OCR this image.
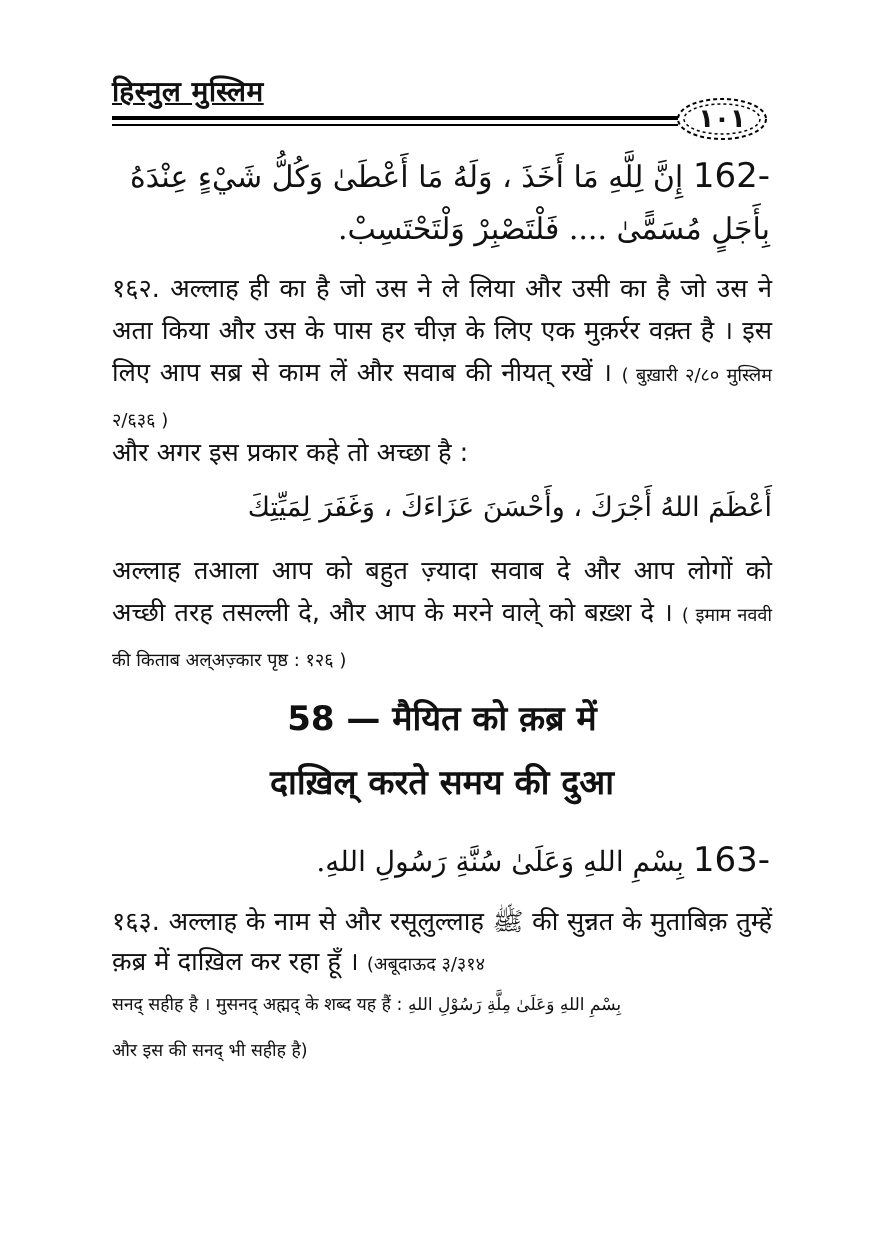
हिस्नुल मुस्लिम
١٠١
162- إِنَّ لِلَّهِ مَا أَخَذَ ، وَلَهُ مَا أَعْطَىٰ وَكُلُّ شَيْءٍ عِنْدَهُ بِأَجَلٍ مُسَمًّىٰ .... فَلْتَصْبِرْ وَلْتَحْتَسِبْ.
१६२. अल्लाह ही का है जो उस ने ले लिया और उसी का है जो उस ने अता किया और उस के पास हर चीज़ के लिए एक मुक़र्रर वक़्त है । इस लिए आप सब्र से काम लें और सवाब की नीयत् रखें । ( बुख़ारी २/८० मुस्लिम २/६३६ )
और अगर इस प्रकार कहे तो अच्छा है :
أَعْظَمَ اللهُ أَجْرَكَ ، وأَحْسَنَ عَزَاءَكَ ، وَغَفَرَ لِمَيِّتِكَ
अल्लाह तआला आप को बहुत ज़्यादा सवाब दे और आप लोगों को अच्छी तरह तसल्ली दे, और आप के मरने वाले् को बख़्श दे । ( इमाम नववी की किताब अल्अज़्कार पृष्ठ : १२६ )
58 — मैयित को क़ब्र में
दाख़िल् करते समय की दुआ
163- بِسْمِ اللهِ وَعَلَىٰ سُنَّةِ رَسُولِ اللهِ.
१६३. अल्लाह के नाम से और रसूलुल्लाह ﷺ की सुन्नत के मुताबिक़ तुम्हें क़ब्र में दाख़िल कर रहा हूँ । (अबूदाऊद ३/३१४
सनद् सहीह है । मुसनद् अह्मद् के शब्द यह हैं : بِسْمِ اللهِ وَعَلَىٰ مِلَّةِ رَسُوْلِ اللهِ
और इस की सनद् भी सहीह है)
